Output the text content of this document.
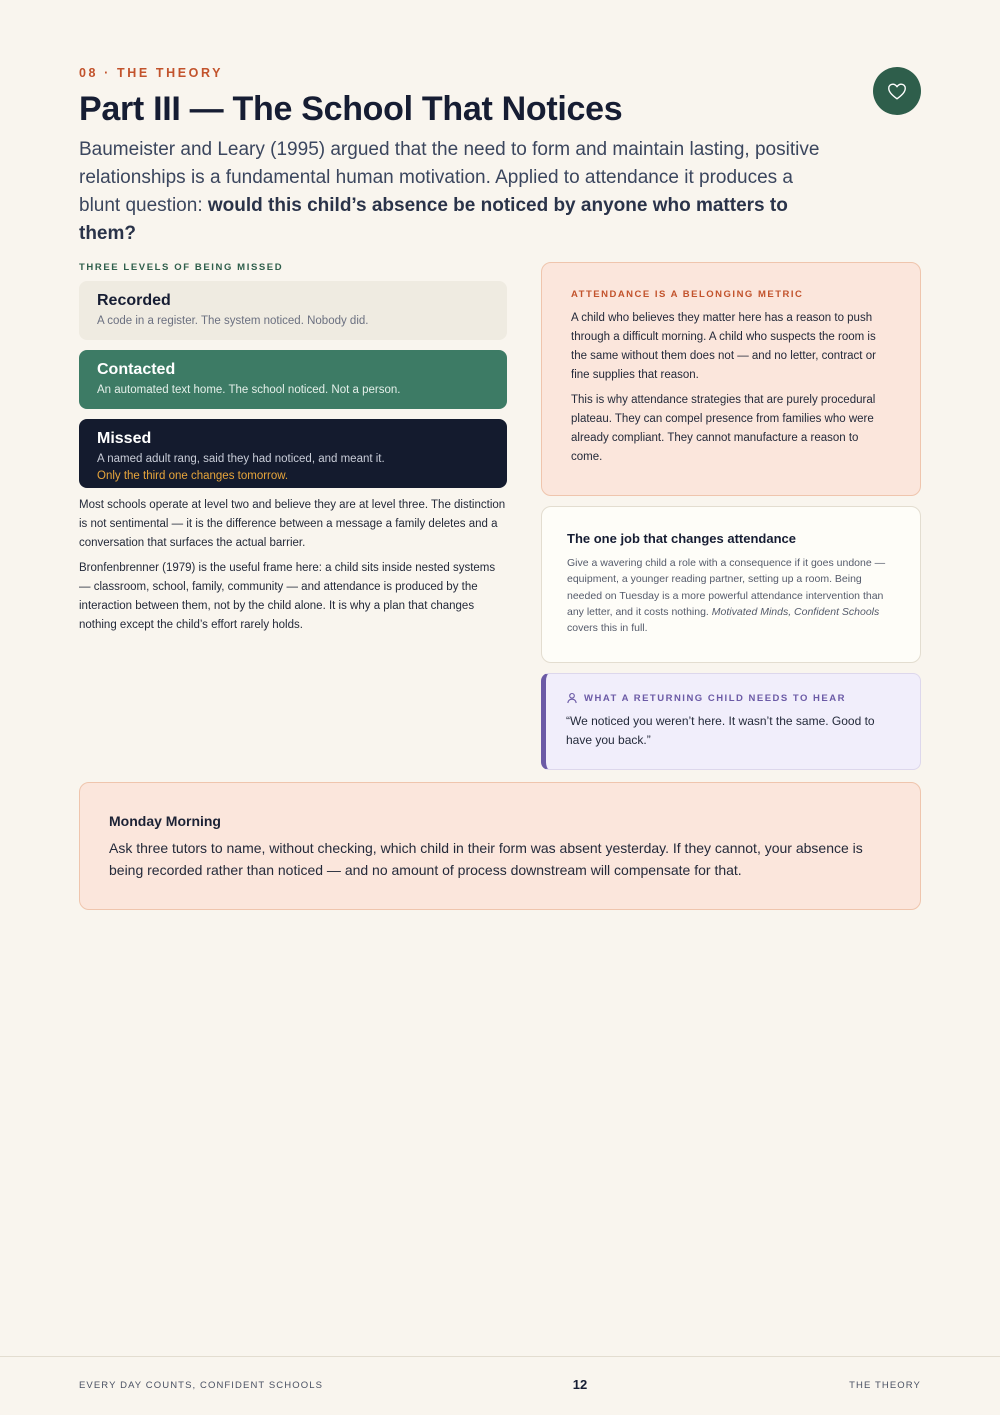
08 · THE THEORY
Part III — The School That Notices

Baumeister and Leary (1995) argued that the need to form and maintain lasting, positive relationships is a fundamental human motivation. Applied to attendance it produces a blunt question: would this child’s absence be noticed by anyone who matters to them?

THREE LEVELS OF BEING MISSED
Recorded
A code in a register. The system noticed. Nobody did.
Contacted
An automated text home. The school noticed. Not a person.
Missed
A named adult rang, said they had noticed, and meant it.
Only the third one changes tomorrow.

Most schools operate at level two and believe they are at level three. The distinction is not sentimental — it is the difference between a message a family deletes and a conversation that surfaces the actual barrier.

Bronfenbrenner (1979) is the useful frame here: a child sits inside nested systems — classroom, school, family, community — and attendance is produced by the interaction between them, not by the child alone. It is why a plan that changes nothing except the child’s effort rarely holds.

ATTENDANCE IS A BELONGING METRIC

A child who believes they matter here has a reason to push through a difficult morning. A child who suspects the room is the same without them does not — and no letter, contract or fine supplies that reason.

This is why attendance strategies that are purely procedural plateau. They can compel presence from families who were already compliant. They cannot manufacture a reason to come.

The one job that changes attendance

Give a wavering child a role with a consequence if it goes undone — equipment, a younger reading partner, setting up a room. Being needed on Tuesday is a more powerful attendance intervention than any letter, and it costs nothing. Motivated Minds, Confident Schools covers this in full.

WHAT A RETURNING CHILD NEEDS TO HEAR
“We noticed you weren’t here. It wasn’t the same. Good to have you back.”
Monday Morning
Ask three tutors to name, without checking, which child in their form was absent yesterday. If they cannot, your absence is being recorded rather than noticed — and no amount of process downstream will compensate for that.
EVERY DAY COUNTS, CONFIDENT SCHOOLS	12	THE THEORY
